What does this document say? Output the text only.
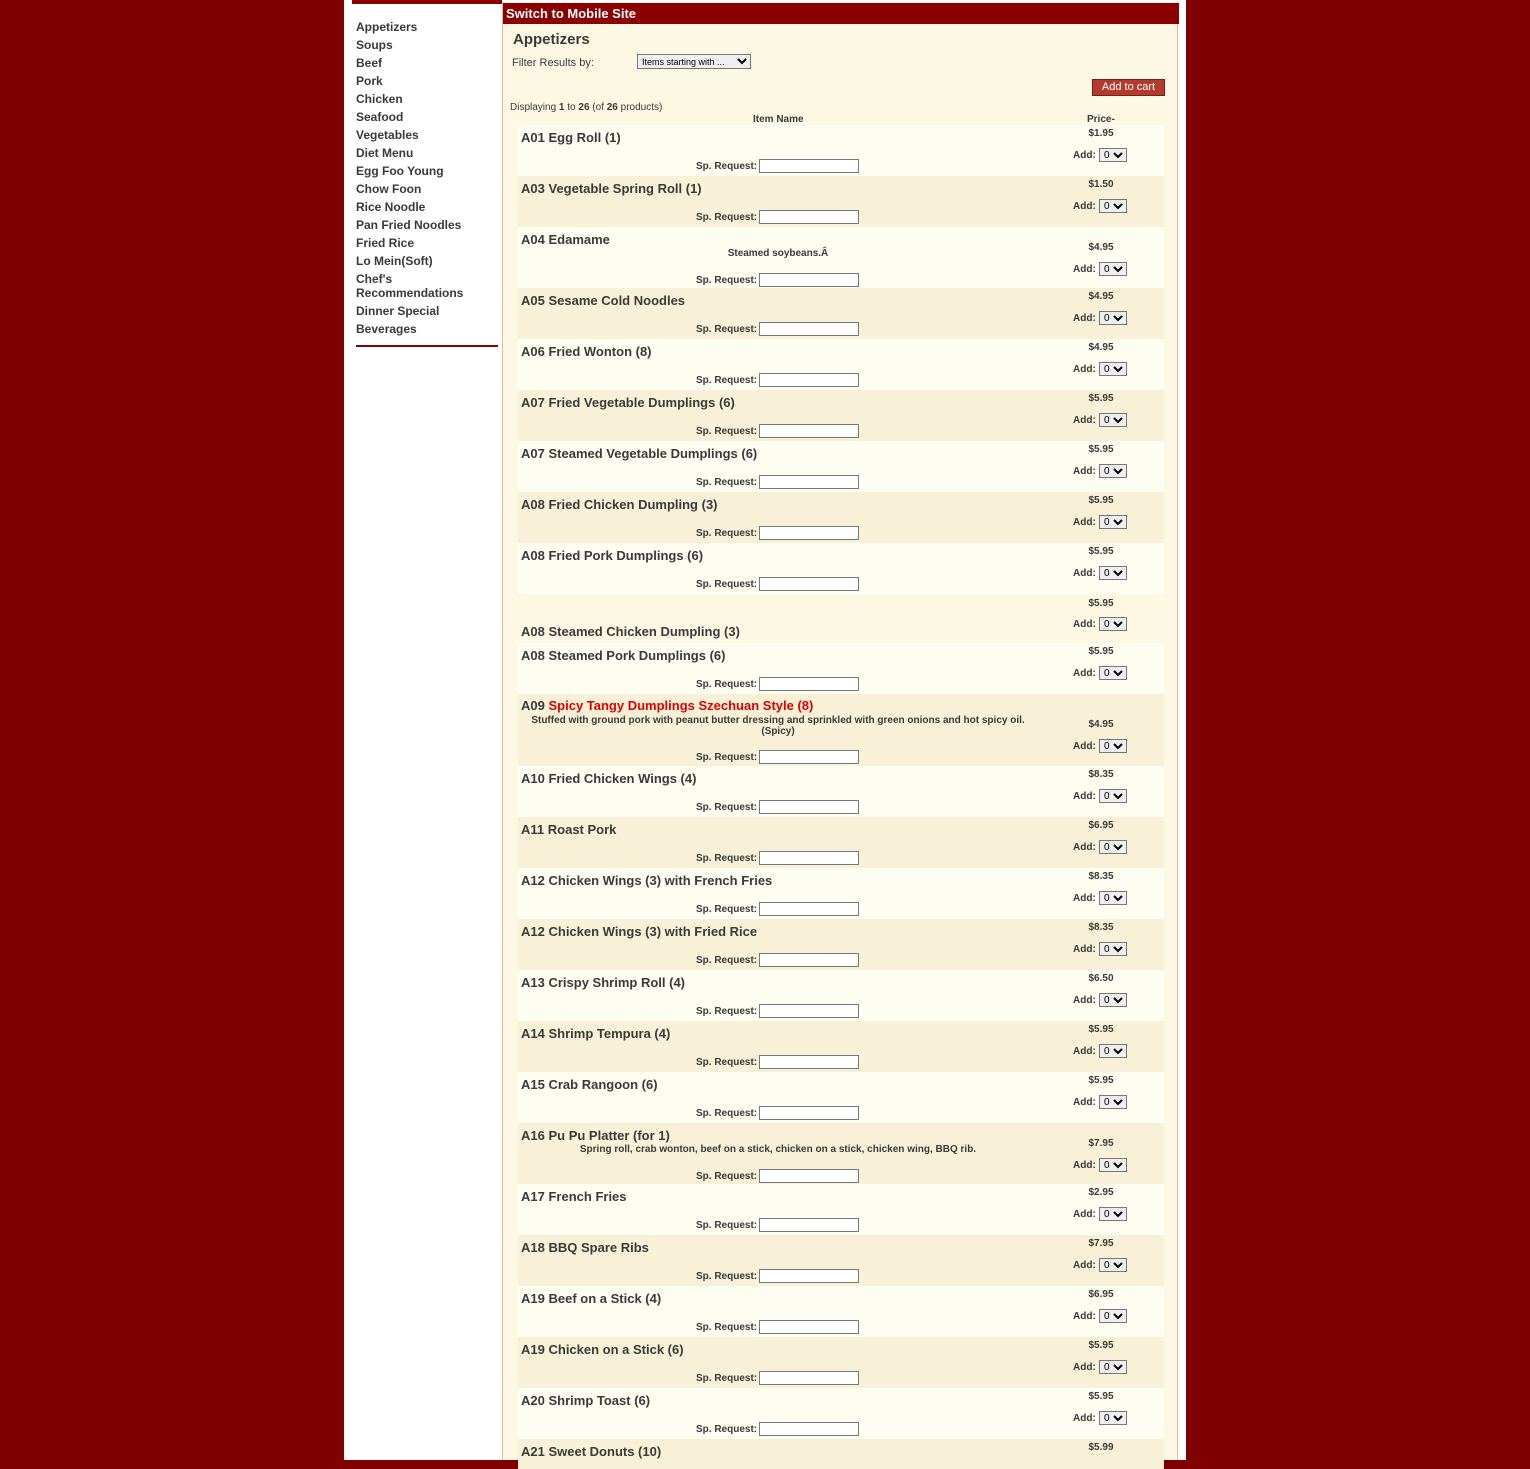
Appetizers
Soups
Beef
Pork
Chicken
Seafood
Vegetables
Diet Menu
Egg Foo Young
Chow Foon
Rice Noodle
Pan Fried Noodles
Fried Rice
Lo Mein(Soft)
Chef's Recommendations
Dinner Special
Beverages
Switch to Mobile Site
Appetizers
Filter Results by:
Items starting with ...
Add to cart
Displaying 1 to 26 (of 26 products)
Item Name	Price-
A01 Egg Roll (1)	$1.95
Add:
0
Sp. Request:
A03 Vegetable Spring Roll (1)	$1.50
Add:
0
Sp. Request:
A04 Edamame
Steamed soybeans.Â
$4.95
Add:
0
Sp. Request:
A05 Sesame Cold Noodles	$4.95
Add:
0
Sp. Request:
A06 Fried Wonton (8)	$4.95
Add:
0
Sp. Request:
A07 Fried Vegetable Dumplings (6)	$5.95
Add:
0
Sp. Request:
A07 Steamed Vegetable Dumplings (6)	$5.95
Add:
0
Sp. Request:
A08 Fried Chicken Dumpling (3)	$5.95
Add:
0
Sp. Request:
A08 Fried Pork Dumplings (6)	$5.95
Add:
0
Sp. Request:
A08 Steamed Chicken Dumpling (3)
$5.95
Add:
0
A08 Steamed Pork Dumplings (6)	$5.95
Add:
0
Sp. Request:
A09 Spicy Tangy Dumplings Szechuan Style (8)
Stuffed with ground pork with peanut butter dressing and sprinkled with green onions and hot spicy oil. (Spicy)
$4.95
Add:
0
Sp. Request:
A10 Fried Chicken Wings (4)	$8.35
Add:
0
Sp. Request:
A11 Roast Pork	$6.95
Add:
0
Sp. Request:
A12 Chicken Wings (3) with French Fries	$8.35
Add:
0
Sp. Request:
A12 Chicken Wings (3) with Fried Rice	$8.35
Add:
0
Sp. Request:
A13 Crispy Shrimp Roll (4)	$6.50
Add:
0
Sp. Request:
A14 Shrimp Tempura (4)	$5.95
Add:
0
Sp. Request:
A15 Crab Rangoon (6)	$5.95
Add:
0
Sp. Request:
A16 Pu Pu Platter (for 1)
Spring roll, crab wonton, beef on a stick, chicken on a stick, chicken wing, BBQ rib.
$7.95
Add:
0
Sp. Request:
A17 French Fries	$2.95
Add:
0
Sp. Request:
A18 BBQ Spare Ribs	$7.95
Add:
0
Sp. Request:
A19 Beef on a Stick (4)	$6.95
Add:
0
Sp. Request:
A19 Chicken on a Stick (6)	$5.95
Add:
0
Sp. Request:
A20 Shrimp Toast (6)	$5.95
Add:
0
Sp. Request:
A21 Sweet Donuts (10)	$5.99
